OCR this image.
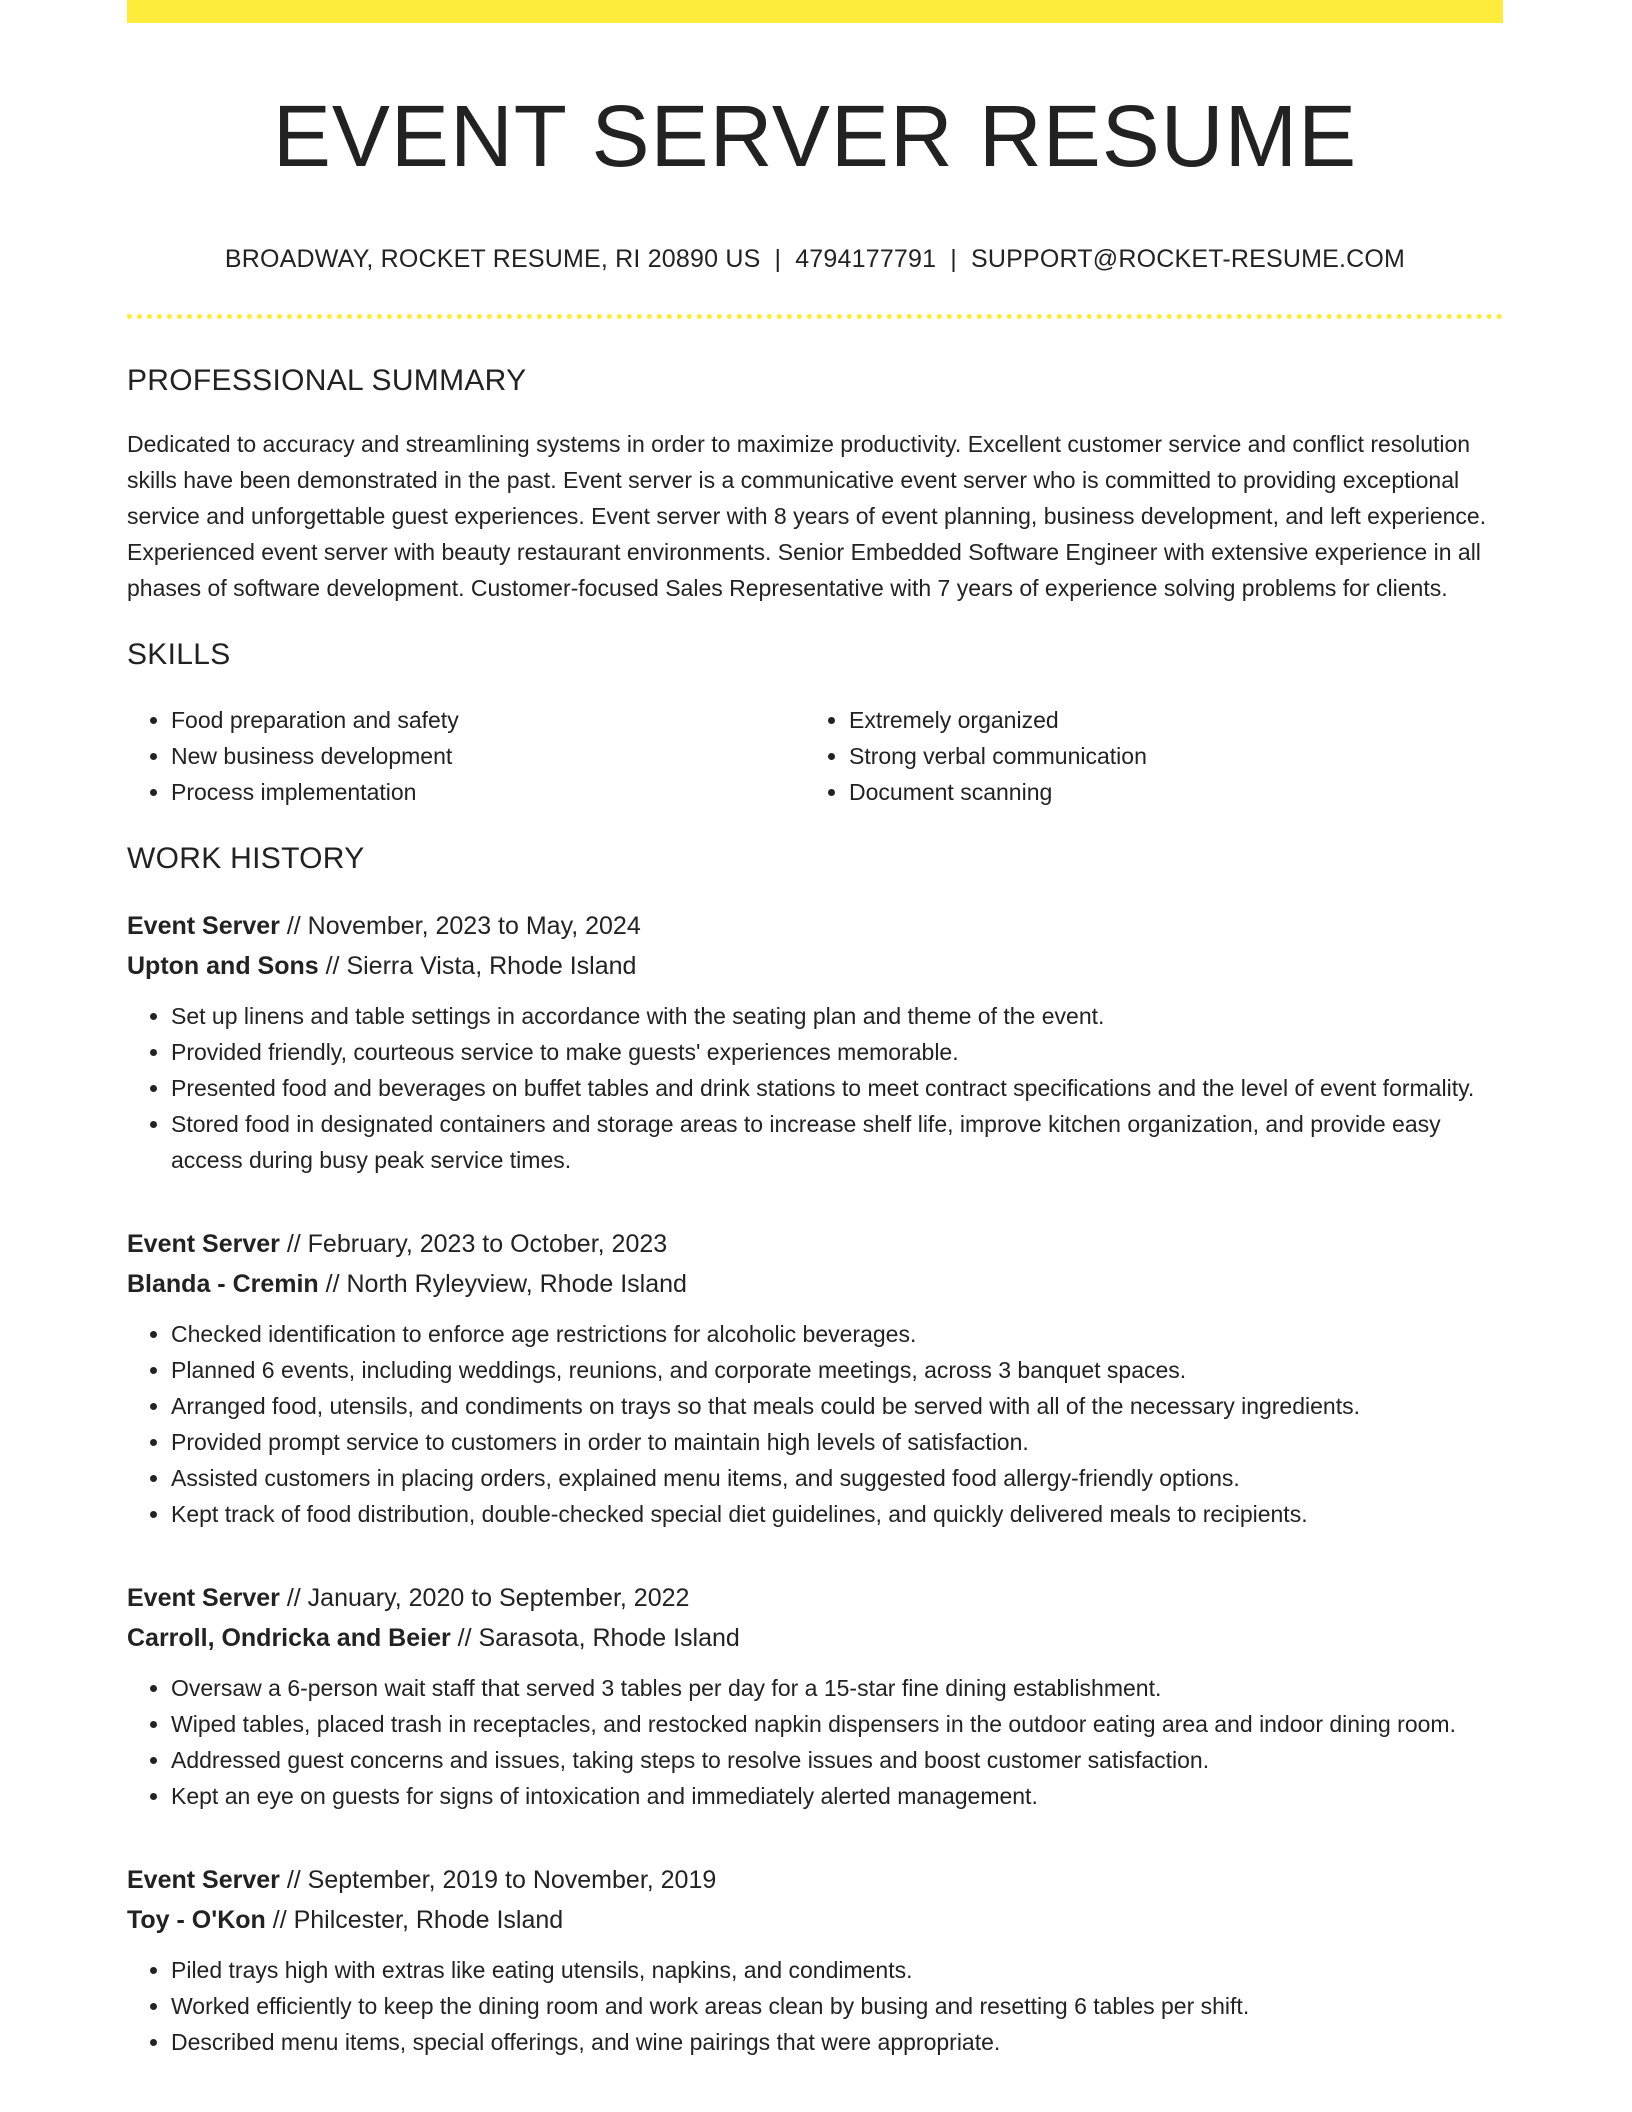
EVENT SERVER RESUME
BROADWAY, ROCKET RESUME, RI 20890 US | 4794177791 | SUPPORT@ROCKET-RESUME.COM
PROFESSIONAL SUMMARY

Dedicated to accuracy and streamlining systems in order to maximize productivity. Excellent customer service and conflict resolution skills have been demonstrated in the past. Event server is a communicative event server who is committed to providing exceptional service and unforgettable guest experiences. Event server with 8 years of event planning, business development, and left experience. Experienced event server with beauty restaurant environments. Senior Embedded Software Engineer with extensive experience in all phases of software development. Customer-focused Sales Representative with 7 years of experience solving problems for clients.

SKILLS
• Food preparation and safety
• New business development
• Process implementation
• Extremely organized
• Strong verbal communication
• Document scanning
WORK HISTORY
Event Server // November, 2023 to May, 2024
Upton and Sons // Sierra Vista, Rhode Island
• Set up linens and table settings in accordance with the seating plan and theme of the event.
• Provided friendly, courteous service to make guests' experiences memorable.
• Presented food and beverages on buffet tables and drink stations to meet contract specifications and the level of event formality.
• Stored food in designated containers and storage areas to increase shelf life, improve kitchen organization, and provide easy access during busy peak service times.
Event Server // February, 2023 to October, 2023
Blanda - Cremin // North Ryleyview, Rhode Island
• Checked identification to enforce age restrictions for alcoholic beverages.
• Planned 6 events, including weddings, reunions, and corporate meetings, across 3 banquet spaces.
• Arranged food, utensils, and condiments on trays so that meals could be served with all of the necessary ingredients.
• Provided prompt service to customers in order to maintain high levels of satisfaction.
• Assisted customers in placing orders, explained menu items, and suggested food allergy-friendly options.
• Kept track of food distribution, double-checked special diet guidelines, and quickly delivered meals to recipients.
Event Server // January, 2020 to September, 2022
Carroll, Ondricka and Beier // Sarasota, Rhode Island
• Oversaw a 6-person wait staff that served 3 tables per day for a 15-star fine dining establishment.
• Wiped tables, placed trash in receptacles, and restocked napkin dispensers in the outdoor eating area and indoor dining room.
• Addressed guest concerns and issues, taking steps to resolve issues and boost customer satisfaction.
• Kept an eye on guests for signs of intoxication and immediately alerted management.
Event Server // September, 2019 to November, 2019
Toy - O'Kon // Philcester, Rhode Island
• Piled trays high with extras like eating utensils, napkins, and condiments.
• Worked efficiently to keep the dining room and work areas clean by busing and resetting 6 tables per shift.
• Described menu items, special offerings, and wine pairings that were appropriate.
